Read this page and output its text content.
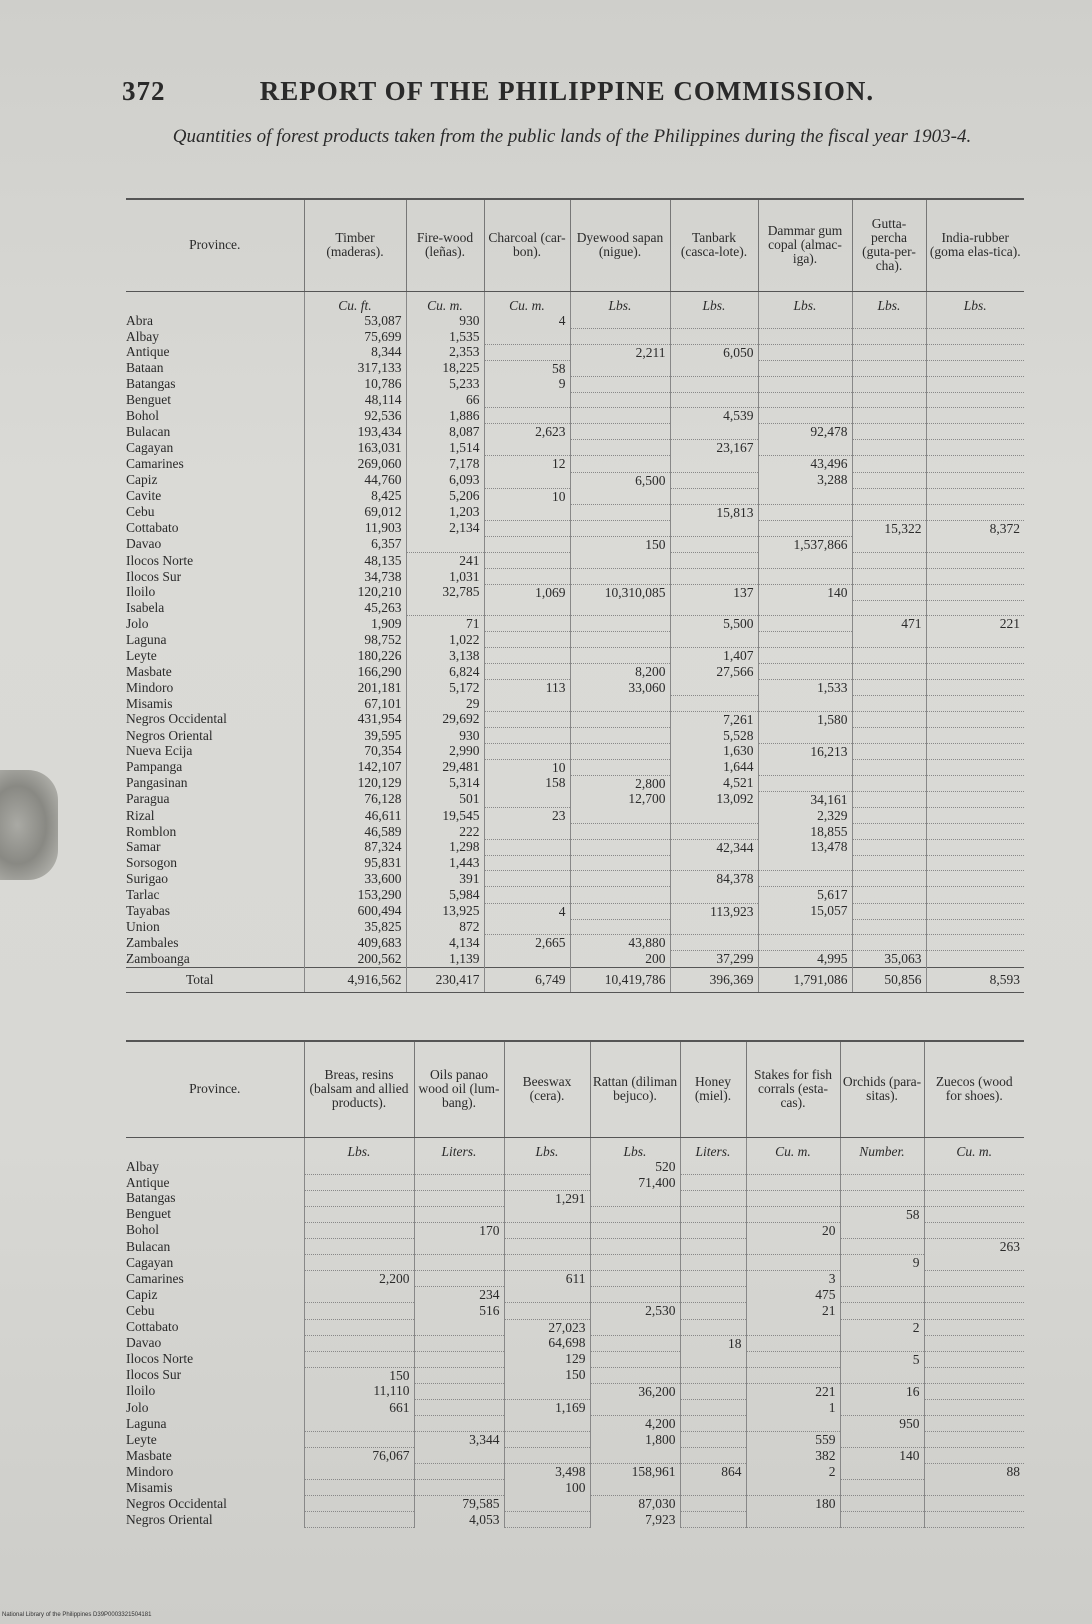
372	REPORT OF THE PHILIPPINE COMMISSION.
Quantities of forest products taken from the public lands of the Philippines during the fiscal year 1903-4.
Province.	Timber (maderas).	Fire-wood (leñas).	Charcoal (car-bon).	Dyewood sapan (nigue).	Tanbark (casca-lote).	Dammar gum copal (almac-iga).	Gutta-percha (guta-per-cha).	India-rubber (goma elas-tica).
	Cu. ft.	Cu. m.	Cu. m.	Lbs.	Lbs.	Lbs.	Lbs.	Lbs.
Abra	53,087	930	4					
Albay	75,699	1,535						
Antique	8,344	2,353		2,211	6,050			
Bataan	317,133	18,225	58					
Batangas	10,786	5,233	9					
Benguet	48,114	66						
Bohol	92,536	1,886			4,539			
Bulacan	193,434	8,087	2,623			92,478		
Cagayan	163,031	1,514			23,167			
Camarines	269,060	7,178	12			43,496		
Capiz	44,760	6,093		6,500		3,288		
Cavite	8,425	5,206	10					
Cebu	69,012	1,203			15,813			
Cottabato	11,903	2,134					15,322	8,372
Davao	6,357			150		1,537,866		
Ilocos Norte	48,135	241						
Ilocos Sur	34,738	1,031						
Iloilo	120,210	32,785	1,069	10,310,085	137	140		
Isabela	45,263							
Jolo	1,909	71			5,500		471	221
Laguna	98,752	1,022						
Leyte	180,226	3,138			1,407			
Masbate	166,290	6,824		8,200	27,566			
Mindoro	201,181	5,172	113	33,060		1,533		
Misamis	67,101	29						
Negros Occidental	431,954	29,692			7,261	1,580		
Negros Oriental	39,595	930			5,528			
Nueva Ecija	70,354	2,990			1,630	16,213		
Pampanga	142,107	29,481	10		1,644			
Pangasinan	120,129	5,314	158	2,800	4,521			
Paragua	76,128	501		12,700	13,092	34,161		
Rizal	46,611	19,545	23			2,329		
Romblon	46,589	222				18,855		
Samar	87,324	1,298			42,344	13,478		
Sorsogon	95,831	1,443						
Surigao	33,600	391			84,378			
Tarlac	153,290	5,984				5,617		
Tayabas	600,494	13,925	4		113,923	15,057		
Union	35,825	872						
Zambales	409,683	4,134	2,665	43,880				
Zamboanga	200,562	1,139		200	37,299	4,995	35,063	
Total	4,916,562	230,417	6,749	10,419,786	396,369	1,791,086	50,856	8,593
Province.	Breas, resins (balsam and allied products).	Oils panao wood oil (lum-bang).	Beeswax (cera).	Rattan (diliman bejuco).	Honey (miel).	Stakes for fish corrals (esta-cas).	Orchids (para-sitas).	Zuecos (wood for shoes).
	Lbs.	Liters.	Lbs.	Lbs.	Liters.	Cu. m.	Number.	Cu. m.
Albay				520				
Antique				71,400				
Batangas			1,291					
Benguet							58	
Bohol		170				20		
Bulacan								263
Cagayan							9	
Camarines	2,200		611			3		
Capiz		234				475		
Cebu		516		2,530		21		
Cottabato			27,023				2	
Davao			64,698		18			
Ilocos Norte			129				5	
Ilocos Sur	150		150					
Iloilo	11,110			36,200		221	16	
Jolo	661		1,169			1		
Laguna				4,200			950	
Leyte		3,344		1,800		559		
Masbate	76,067					382	140	
Mindoro			3,498	158,961	864	2		88
Misamis			100					
Negros Occidental		79,585		87,030		180		
Negros Oriental		4,053		7,923				
National Library of the Philippines D39P0003321504181
